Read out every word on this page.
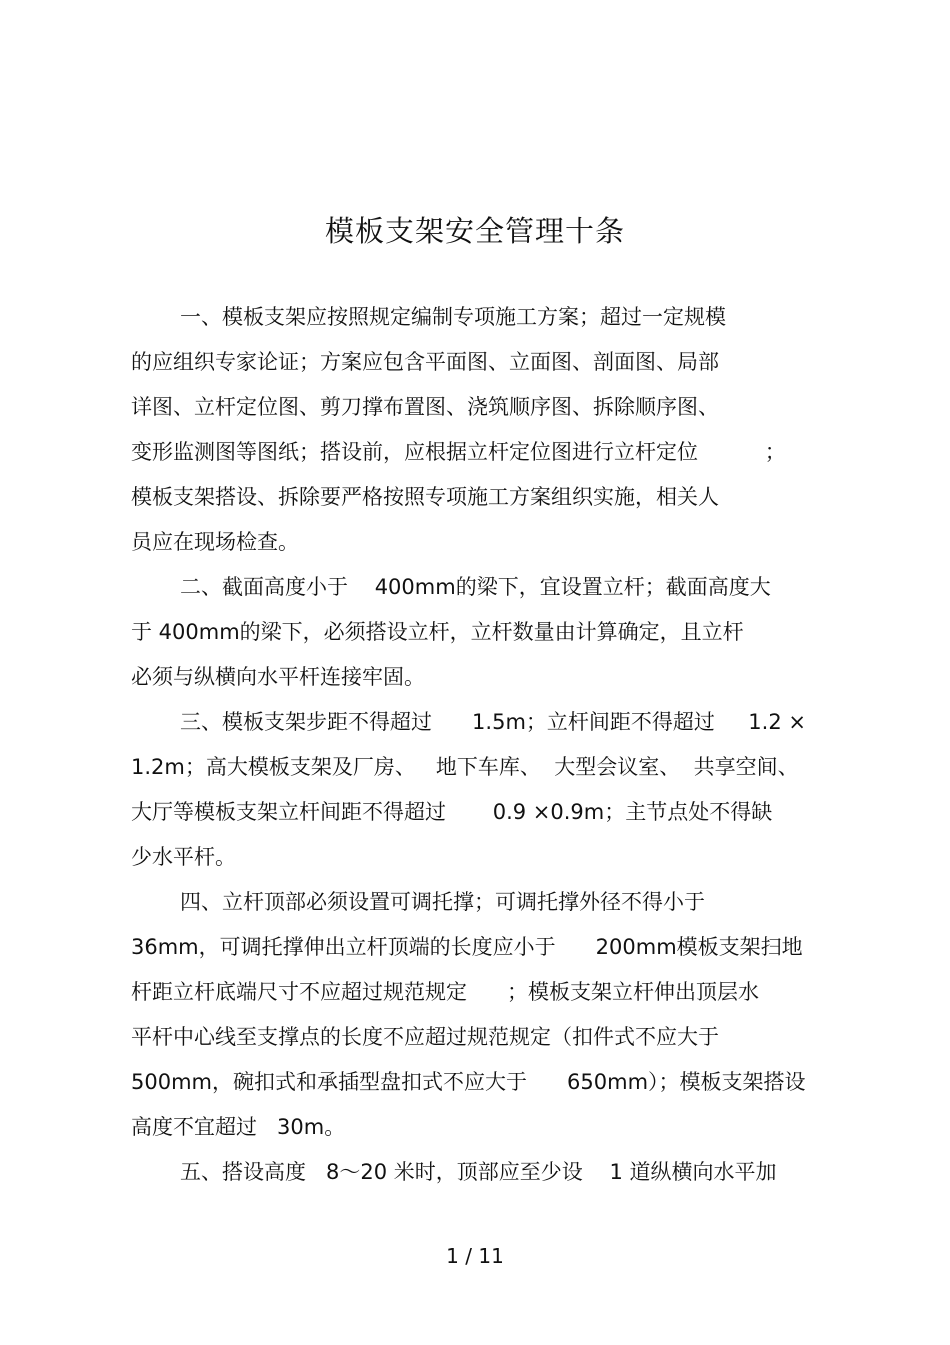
模板支架安全管理十条
一、模板支架应按照规定编制专项施工方案；超过一定规模
的应组织专家论证；方案应包含平面图、立面图、剖面图、局部
详图、立杆定位图、剪刀撑布置图、浇筑顺序图、拆除顺序图、
变形监测图等图纸；搭设前，应根据立杆定位图进行立杆定位          ；
模板支架搭设、拆除要严格按照专项施工方案组织实施，相关人
员应在现场检查。
二、截面高度小于    400mm的梁下，宜设置立杆；截面高度大
于 400mm的梁下，必须搭设立杆，立杆数量由计算确定，且立杆
必须与纵横向水平杆连接牢固。
三、模板支架步距不得超过      1.5m；立杆间距不得超过     1.2 ×
1.2m；高大模板支架及厂房、   地下车库、  大型会议室、  共享空间、
大厅等模板支架立杆间距不得超过       0.9 ×0.9m；主节点处不得缺
少水平杆。
四、立杆顶部必须设置可调托撑；可调托撑外径不得小于
36mm，可调托撑伸出立杆顶端的长度应小于      200mm模板支架扫地
杆距立杆底端尺寸不应超过规范规定      ；模板支架立杆伸出顶层水
平杆中心线至支撑点的长度不应超过规范规定（扣件式不应大于
500mm，碗扣式和承插型盘扣式不应大于      650mm）；模板支架搭设
高度不宜超过   30m。
五、搭设高度   8～20 米时，顶部应至少设    1 道纵横向水平加
1 / 11
